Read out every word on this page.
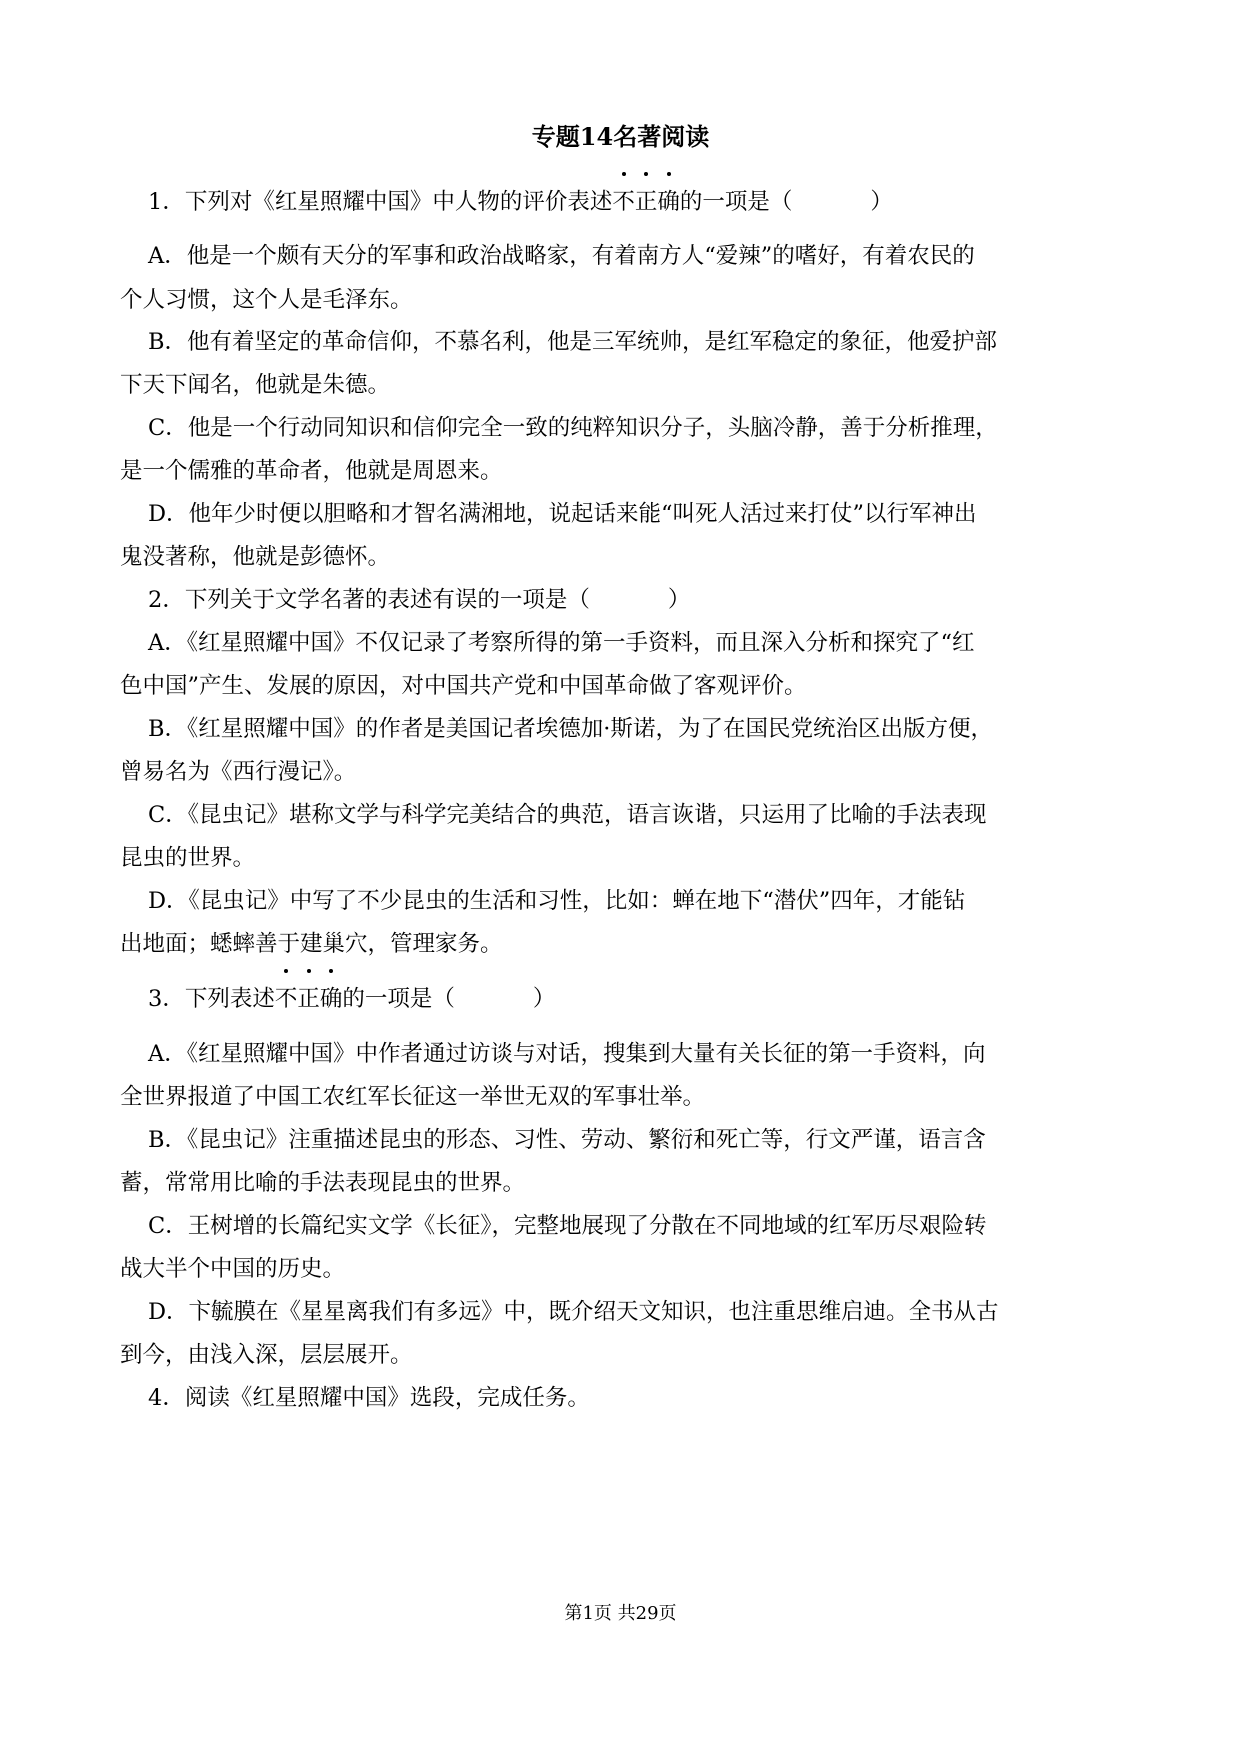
专题14名著阅读
1．下列对《红星照耀中国》中人物的评价表述不正确的一项是（	）
A．他是一个颇有天分的军事和政治战略家，有着南方人“爱辣”的嗜好，有着农民的
个人习惯，这个人是毛泽东。
B．他有着坚定的革命信仰，不慕名利，他是三军统帅，是红军稳定的象征，他爱护部
下天下闻名，他就是朱德。
C．他是一个行动同知识和信仰完全一致的纯粹知识分子，头脑冷静，善于分析推理，
是一个儒雅的革命者，他就是周恩来。
D．他年少时便以胆略和才智名满湘地，说起话来能“叫死人活过来打仗”以行军神出
鬼没著称，他就是彭德怀。
2．下列关于文学名著的表述有误的一项是（	）
A．《红星照耀中国》不仅记录了考察所得的第一手资料，而且深入分析和探究了“红
色中国”产生、发展的原因，对中国共产党和中国革命做了客观评价。
B．《红星照耀中国》的作者是美国记者埃德加·斯诺，为了在国民党统治区出版方便，
曾易名为《西行漫记》。
C．《昆虫记》堪称文学与科学完美结合的典范，语言诙谐，只运用了比喻的手法表现
昆虫的世界。
D．《昆虫记》中写了不少昆虫的生活和习性，比如：蝉在地下“潜伏”四年，才能钻
出地面；蟋蟀善于建巢穴，管理家务。
3．下列表述不正确的一项是（	）
A．《红星照耀中国》中作者通过访谈与对话，搜集到大量有关长征的第一手资料，向
全世界报道了中国工农红军长征这一举世无双的军事壮举。
B．《昆虫记》注重描述昆虫的形态、习性、劳动、繁衍和死亡等，行文严谨，语言含
蓄，常常用比喻的手法表现昆虫的世界。
C．王树增的长篇纪实文学《长征》，完整地展现了分散在不同地域的红军历尽艰险转
战大半个中国的历史。
D．卞毓膜在《星星离我们有多远》中，既介绍天文知识，也注重思维启迪。全书从古
到今，由浅入深，层层展开。
4．阅读《红星照耀中国》选段，完成任务。
第1页 共29页
